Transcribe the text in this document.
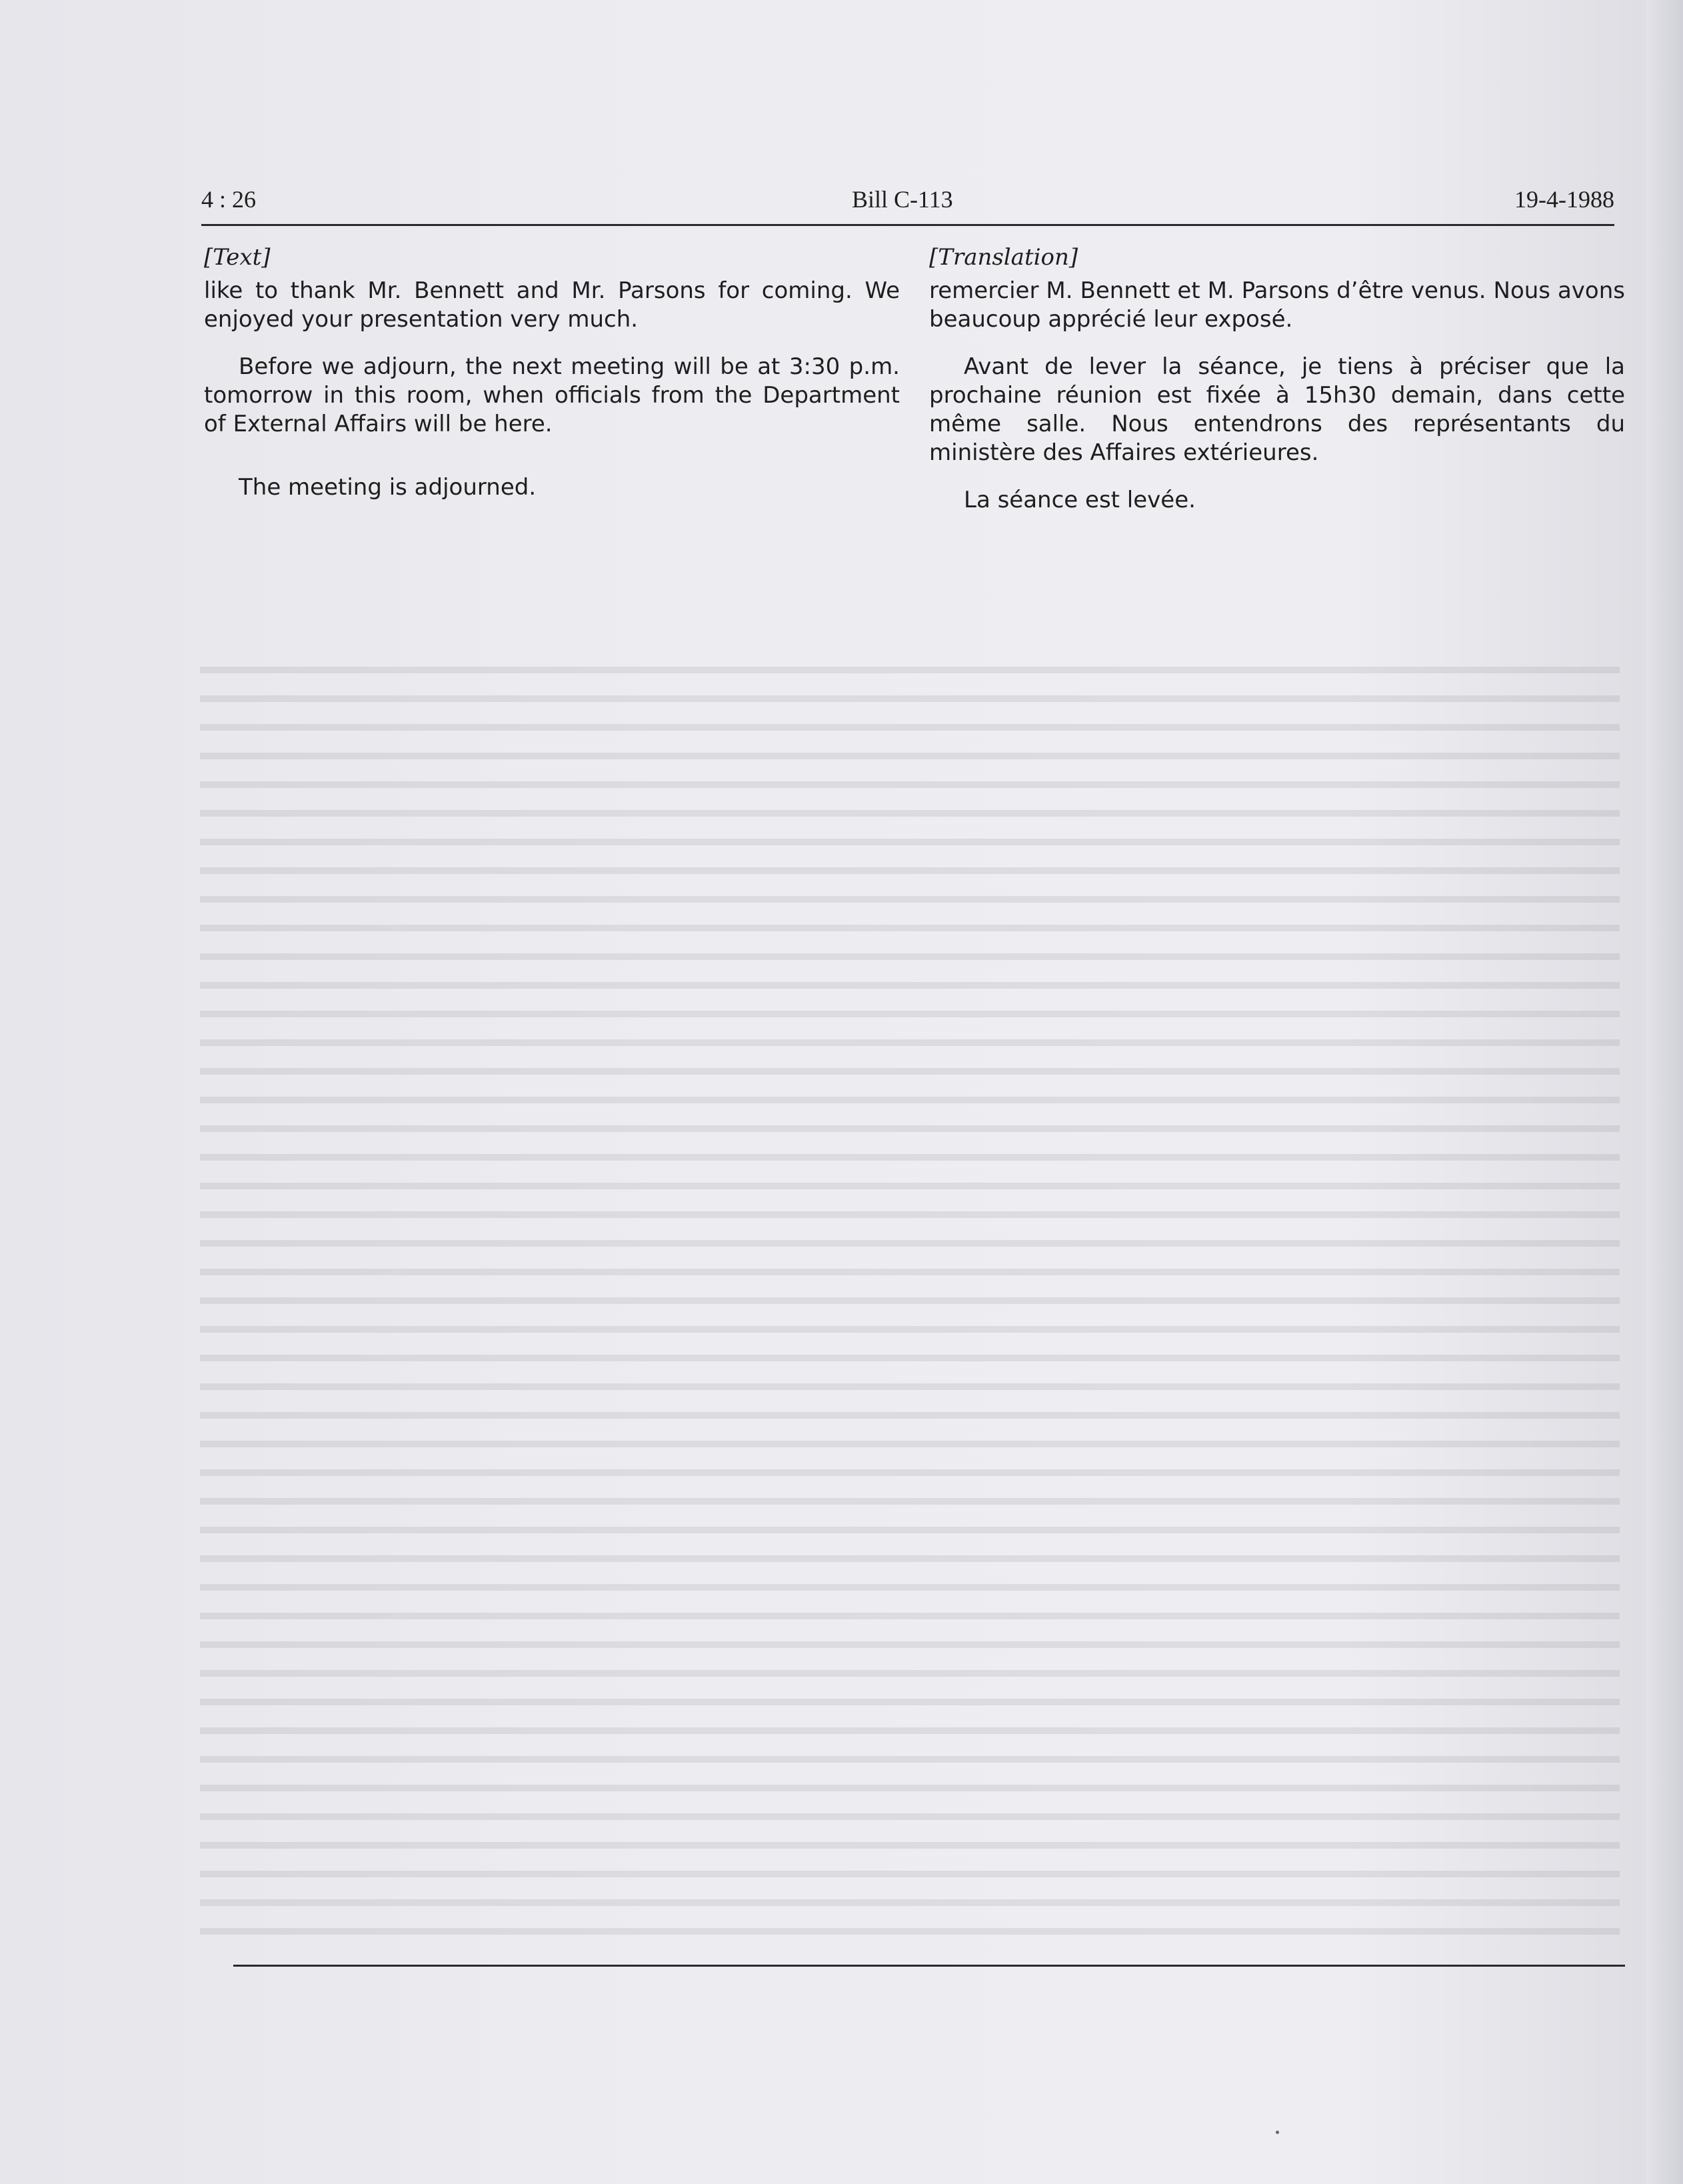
4 : 26	Bill C-113	19-4-1988
[Text]

like to thank Mr. Bennett and Mr. Parsons for coming. We enjoyed your presentation very much.

Before we adjourn, the next meeting will be at 3:30 p.m. tomorrow in this room, when officials from the Department of External Affairs will be here.

The meeting is adjourned.

[Translation]

remercier M. Bennett et M. Parsons d’être venus. Nous avons beaucoup apprécié leur exposé.

Avant de lever la séance, je tiens à préciser que la prochaine réunion est fixée à 15h30 demain, dans cette même salle. Nous entendrons des représentants du ministère des Affaires extérieures.

La séance est levée.
